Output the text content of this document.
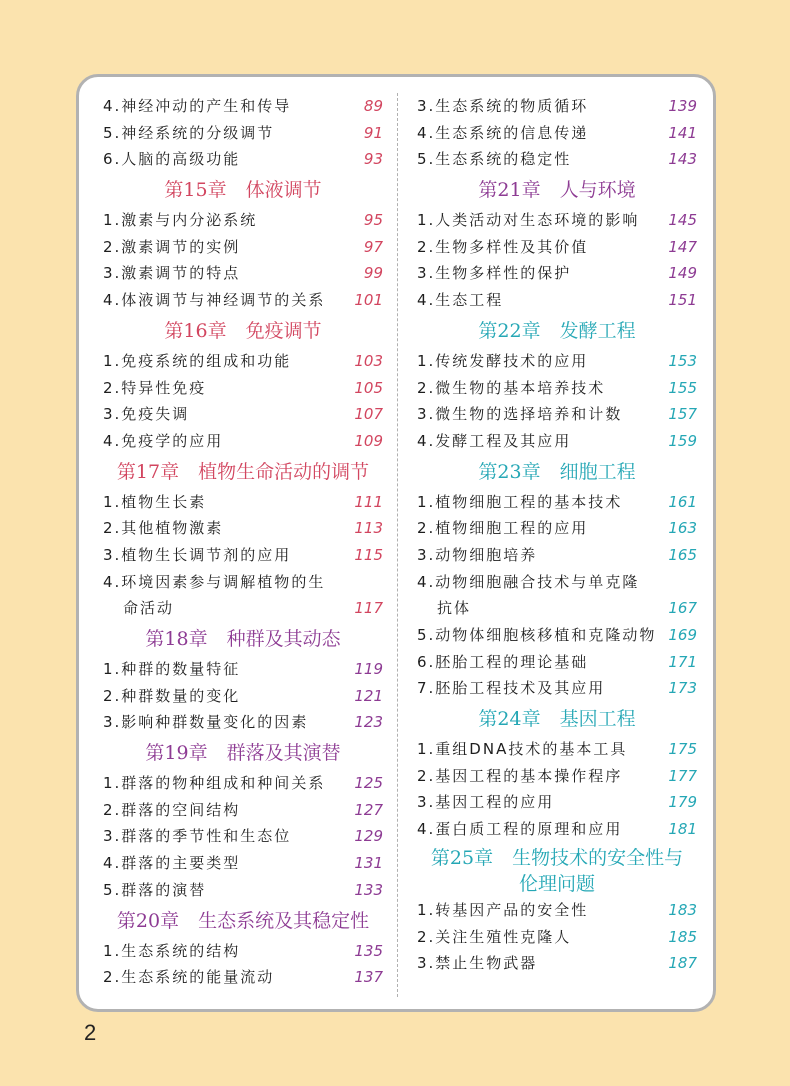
4.神经冲动的产生和传导	89
5.神经系统的分级调节	91
6.人脑的高级功能	93
第15章　体液调节
1.激素与内分泌系统	95
2.激素调节的实例	97
3.激素调节的特点	99
4.体液调节与神经调节的关系 101
第16章　免疫调节
1.免疫系统的组成和功能	103
2.特异性免疫	105
3.免疫失调	107
4.免疫学的应用	109
第17章　植物生命活动的调节
1.植物生长素	111
2.其他植物激素	113
3.植物生长调节剂的应用	115
4.环境因素参与调解植物的生
命活动	117
第18章　种群及其动态
1.种群的数量特征	119
2.种群数量的变化	121
3.影响种群数量变化的因素	123
第19章　群落及其演替
1.群落的物种组成和种间关系 125
2.群落的空间结构	127
3.群落的季节性和生态位	129
4.群落的主要类型	131
5.群落的演替	133
第20章　生态系统及其稳定性
1.生态系统的结构	135
2.生态系统的能量流动	137
3.生态系统的物质循环	139
4.生态系统的信息传递	141
5.生态系统的稳定性	143
第21章　人与环境
1.人类活动对生态环境的影响 145
2.生物多样性及其价值	147
3.生物多样性的保护	149
4.生态工程	151
第22章　发酵工程
1.传统发酵技术的应用	153
2.微生物的基本培养技术	155
3.微生物的选择培养和计数	157
4.发酵工程及其应用	159
第23章　细胞工程
1.植物细胞工程的基本技术	161
2.植物细胞工程的应用	163
3.动物细胞培养	165
4.动物细胞融合技术与单克隆
抗体	167
5.动物体细胞核移植和克隆动物 169
6.胚胎工程的理论基础	171
7.胚胎工程技术及其应用	173
第24章　基因工程
1.重组DNA技术的基本工具	175
2.基因工程的基本操作程序	177
3.基因工程的应用	179
4.蛋白质工程的原理和应用	181
第25章　生物技术的安全性与
伦理问题
1.转基因产品的安全性	183
2.关注生殖性克隆人	185
3.禁止生物武器	187
2
